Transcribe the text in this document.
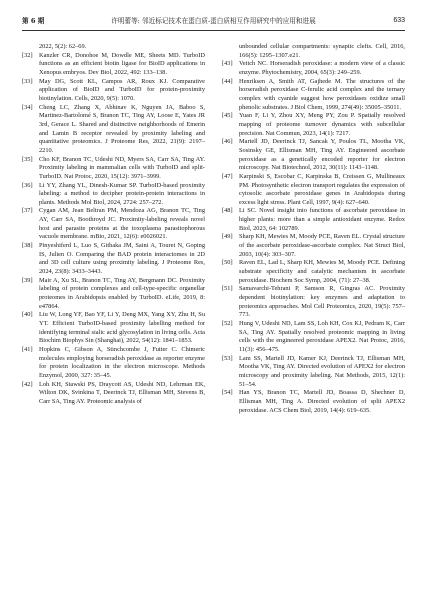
第 6 期	许明蕾等: 邻近标记技术在蛋白质-蛋白质相互作用研究中的应用和进展	633

2022, 5(2): 62–69.

[32] Kanzler CR, Donohoe M, Dowdle ME, Sheets MD. TurboID functions as an efficient biotin ligase for BioID applications in Xenopus embryos. Dev Biol, 2022, 492: 133–138.

[33] May DG, Scott KL, Campos AR, Roux KJ. Comparative application of BioID and TurboID for protein-proximity biotinylation. Cells, 2020, 9(5): 1070.

[34] Cheng LC, Zhang X, Abhinav K, Nguyen JA, Baboo S, Martinez-Bartolomé S, Branon TC, Ting AY, Loose E, Yates JR 3rd, Gerace L. Shared and distinctive neighborhoods of Emerin and Lamin B receptor revealed by proximity labeling and quantitative proteomics. J Proteome Res, 2022, 21(9): 2197–2210.

[35] Cho KF, Branon TC, Udeshi ND, Myers SA, Carr SA, Ting AY. Proximity labeling in mammalian cells with TurboID and split-TurboID. Nat Protoc, 2020, 15(12): 3971–3999.

[36] Li YY, Zhang YL, Dinesh-Kumar SP. TurboID-based proximity labeling: a method to decipher protein-protein interactions in plants. Methods Mol Biol, 2024, 2724: 257–272.

[37] Cygan AM, Jean Beltran PM, Mendoza AG, Branon TC, Ting AY, Carr SA, Boothroyd JC. Proximity-labeling reveals novel host and parasite proteins at the toxoplasma parasitophorous vacuole membrane. mBio, 2021, 12(6): e0026021.

[38] Pinyeshiferd L, Luo S, Githaka JM, Saini A, Touret N, Goping IS, Julien O. Comparing the BAD protein interactomes in 2D and 3D cell culture using proximity labeling. J Proteome Res, 2024, 23(8): 3433–3443.

[39] Mair A, Xu SL, Branon TC, Ting AY, Bergmann DC. Proximity labeling of protein complexes and cell-type-specific organellar proteomes in Arabidopsis enabled by TurboID. eLife, 2019, 8: e47864.

[40] Liu W, Long YF, Bao YF, Li Y, Deng MX, Yang XY, Zhu H, Su YT. Efficient TurboID-based proximity labelling method for identifying terminal sialic acid glycosylation in living cells. Acta Biochim Biophys Sin (Shanghai), 2022, 54(12): 1841–1853.

[41] Hopkins C, Gibson A, Stinchcombe J, Futter C. Chimeric molecules employing horseradish peroxidase as reporter enzyme for protein localization in the electron microscope. Methods Enzymol, 2000, 327: 35–45.

[42] Loh KH, Stawski PS, Draycott AS, Udeshi ND, Lehrman EK, Wilton DK, Svinkina T, Deerinck TJ, Ellisman MH, Stevens B, Carr SA, Ting AY. Proteomic analysis of

unbounded cellular compartments: synaptic clefts. Cell, 2016, 166(5): 1295–1307.e21.

[43] Veitch NC. Horseradish peroxidase: a modern view of a classic enzyme. Phytochemistry, 2004, 65(3): 249–259.

[44] Henriksen A, Smith AT, Gajhede M. The structures of the horseradish peroxidase C-ferulic acid complex and the ternary complex with cyanide suggest how peroxidases oxidize small phenolic substrates. J Biol Chem, 1999, 274(49): 35005–35011.

[45] Yuan F, Li Y, Zhou XY, Meng PY, Zou P. Spatially resolved mapping of proteome turnover dynamics with subcellular precision. Nat Commun, 2023, 14(1): 7217.

[46] Martell JD, Deerinck TJ, Sancak Y, Poulos TL, Mootha VK, Sosinsky GE, Ellisman MH, Ting AY. Engineered ascorbate peroxidase as a genetically encoded reporter for electron microscopy. Nat Biotechnol, 2012, 30(11): 1143–1148.

[47] Karpinski S, Escobar C, Karpinska B, Creissen G, Mullineaux PM. Photosynthetic electron transport regulates the expression of cytosolic ascorbate peroxidase genes in Arabidopsis during excess light stress. Plant Cell, 1997, 9(4): 627–640.

[48] Li SC. Novel insight into functions of ascorbate peroxidase in higher plants: more than a simple antioxidant enzyme. Redox Biol, 2023, 64: 102789.

[49] Sharp KH, Mewies M, Moody PCE, Raven EL. Crystal structure of the ascorbate peroxidase-ascorbate complex. Nat Struct Biol, 2003, 10(4): 303–307.

[50] Raven EL, Lad L, Sharp KH, Mewies M, Moody PCE. Defining substrate specificity and catalytic mechanism in ascorbate peroxidase. Biochem Soc Symp, 2004, (71): 27–38.

[51] Samavarchi-Tehrani P, Samson R, Gingras AC. Proximity dependent biotinylation: key enzymes and adaptation to proteomics approaches. Mol Cell Proteomics, 2020, 19(5): 757–773.

[52] Hung V, Udeshi ND, Lam SS, Loh KH, Cox KJ, Pedram K, Carr SA, Ting AY. Spatially resolved proteomic mapping in living cells with the engineered peroxidase APEX2. Nat Protoc, 2016, 11(3): 456–475.

[53] Lam SS, Martell JD, Kamer KJ, Deerinck TJ, Ellisman MH, Mootha VK, Ting AY. Directed evolution of APEX2 for electron microscopy and proximity labeling. Nat Methods, 2015, 12(1): 51–54.

[54] Han YS, Branon TC, Martell JD, Boassa D, Shechner D, Ellisman MH, Ting A. Directed evolution of split APEX2 peroxidase. ACS Chem Biol, 2019, 14(4): 619–635.
